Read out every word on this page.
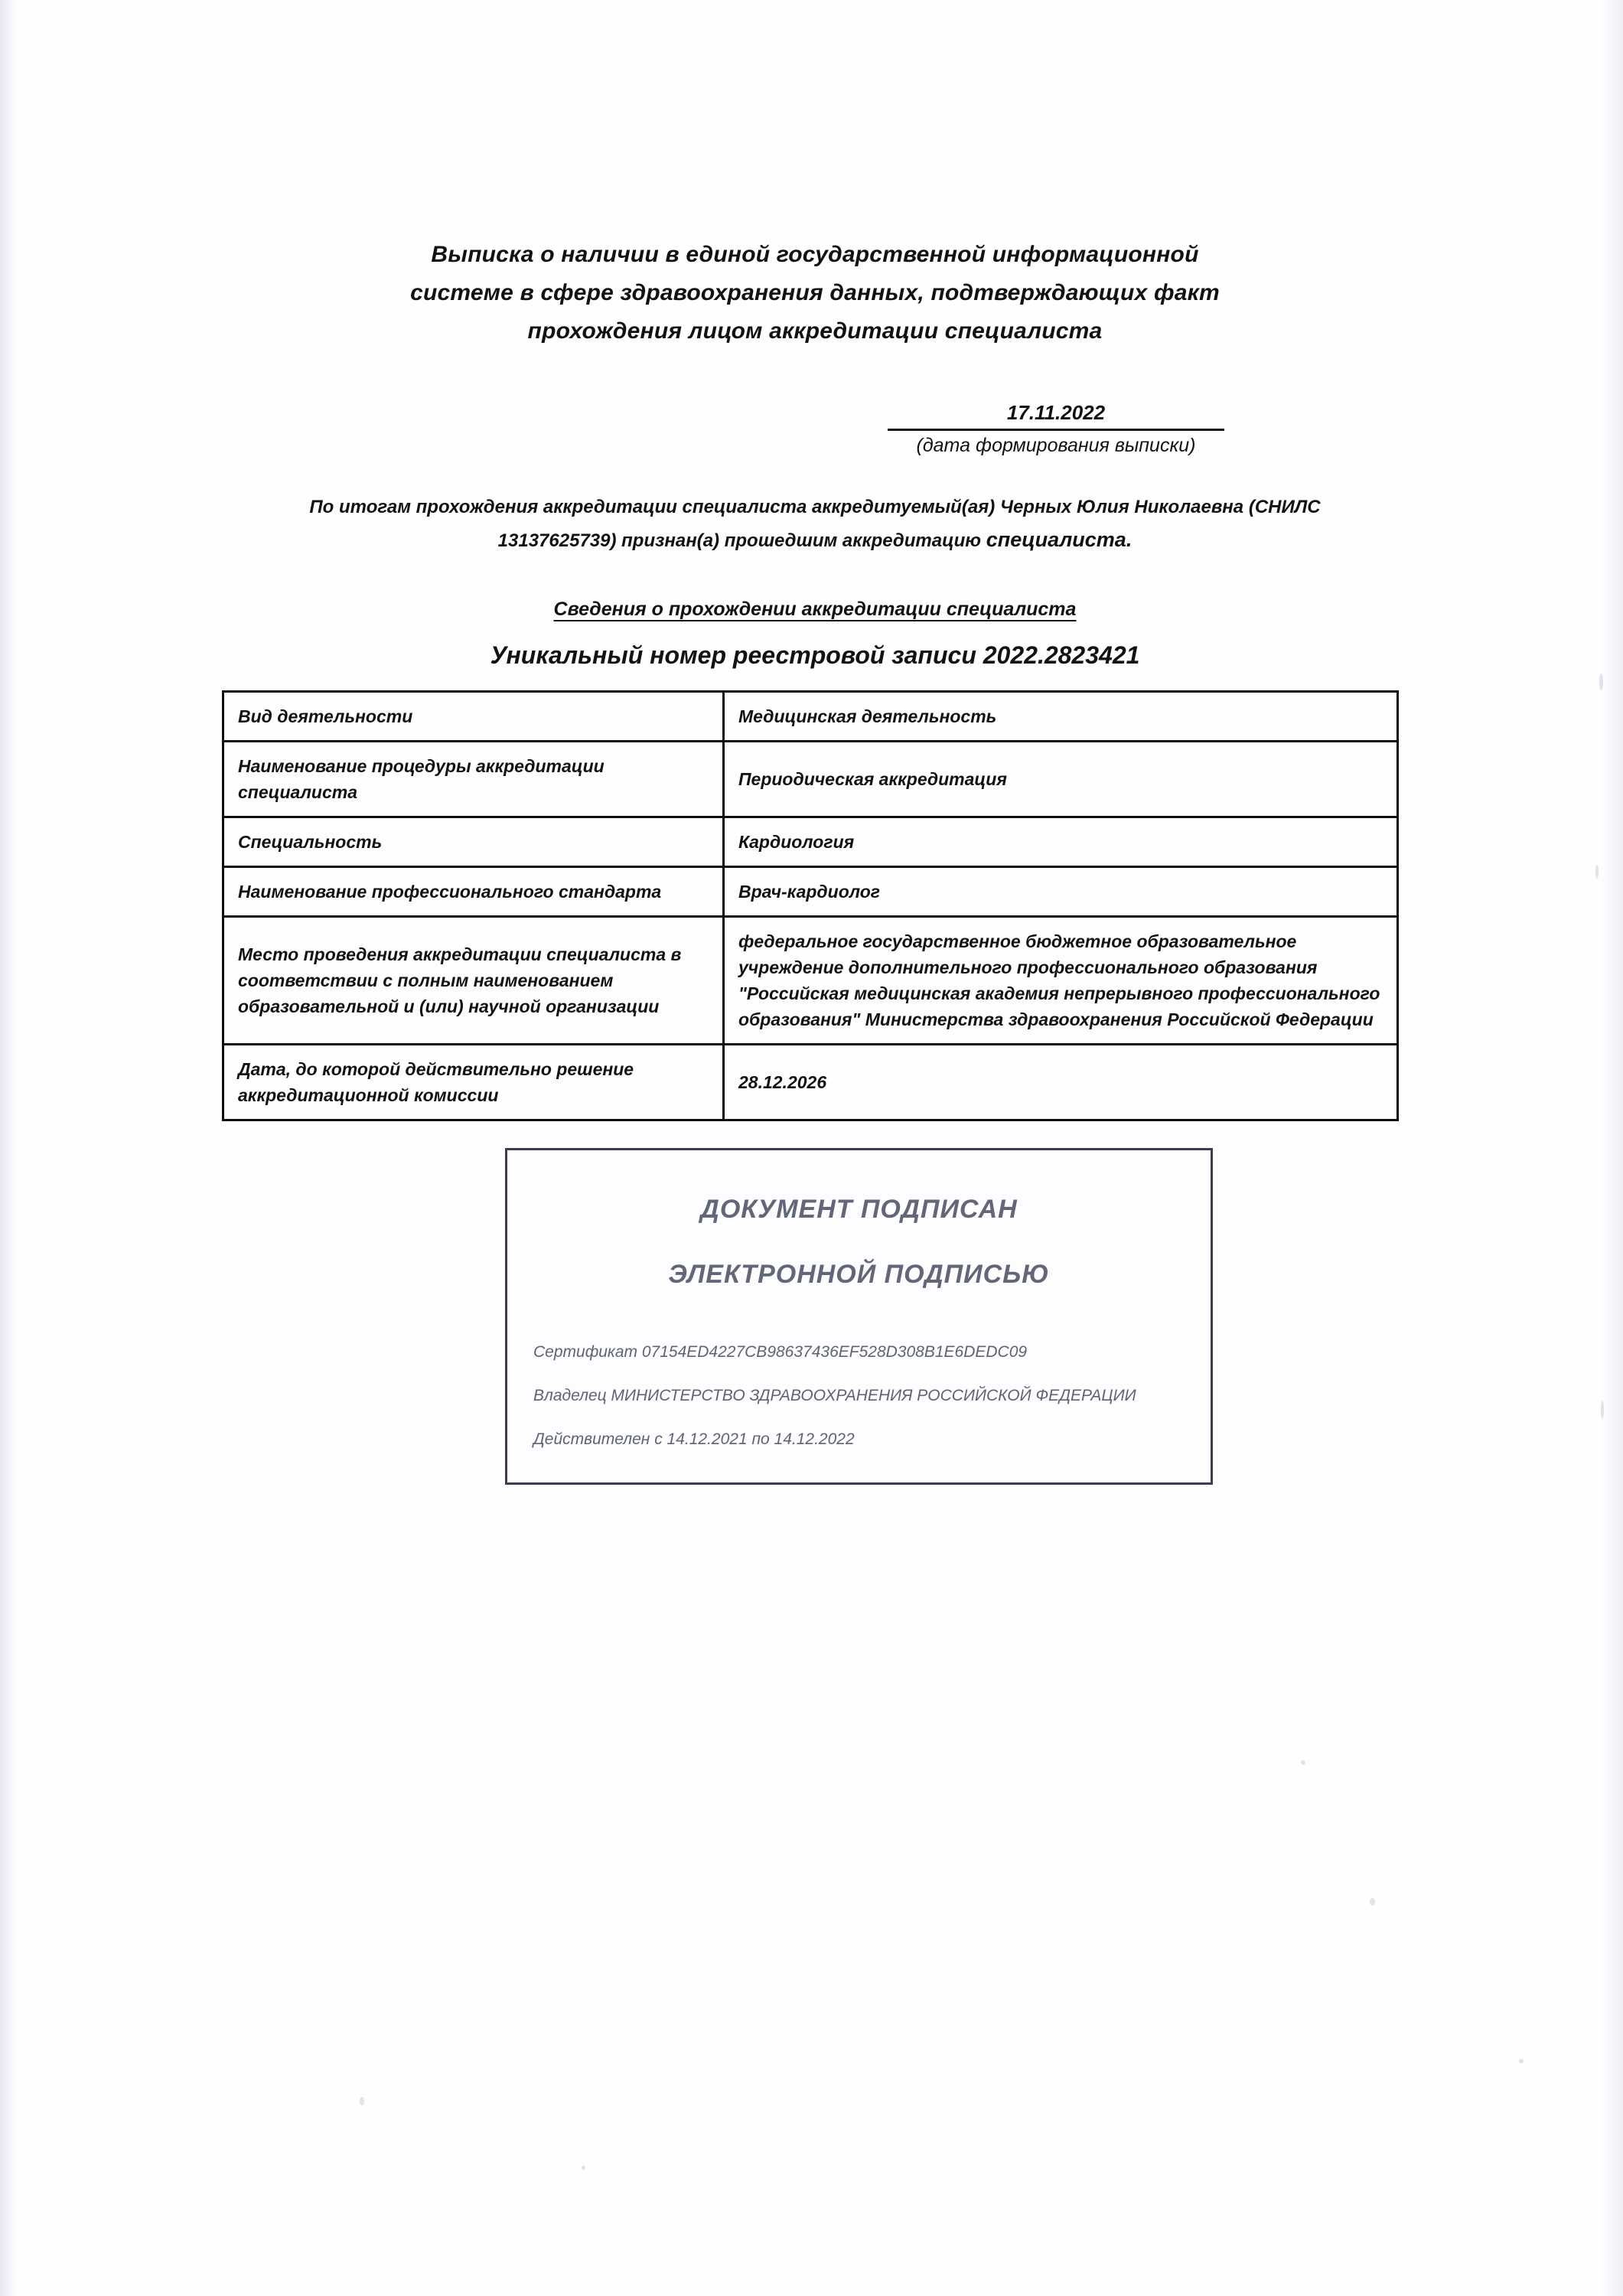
Выписка о наличии в единой государственной информационной
системе в сфере здравоохранения данных, подтверждающих факт
прохождения лицом аккредитации специалиста
17.11.2022
(дата формирования выписки)
По итогам прохождения аккредитации специалиста аккредитуемый(ая) Черных Юлия Николаевна (СНИЛС 13137625739) признан(а) прошедшим аккредитацию специалиста.
Сведения о прохождении аккредитации специалиста
Уникальный номер реестровой записи 2022.2823421
Вид деятельности	Медицинская деятельность
Наименование процедуры аккредитации специалиста	Периодическая аккредитация
Специальность	Кардиология
Наименование профессионального стандарта	Врач-кардиолог
Место проведения аккредитации специалиста в соответствии с полным наименованием образовательной и (или) научной организации	федеральное государственное бюджетное образовательное учреждение дополнительного профессионального образования "Российская медицинская академия непрерывного профессионального образования" Министерства здравоохранения Российской Федерации
Дата, до которой действительно решение аккредитационной комиссии	28.12.2026
ДОКУМЕНТ ПОДПИСАН
ЭЛЕКТРОННОЙ ПОДПИСЬЮ
Сертификат 07154ED4227CB98637436EF528D308B1E6DEDC09
Владелец МИНИСТЕРСТВО ЗДРАВООХРАНЕНИЯ РОССИЙСКОЙ ФЕДЕРАЦИИ
Действителен с 14.12.2021 по 14.12.2022
